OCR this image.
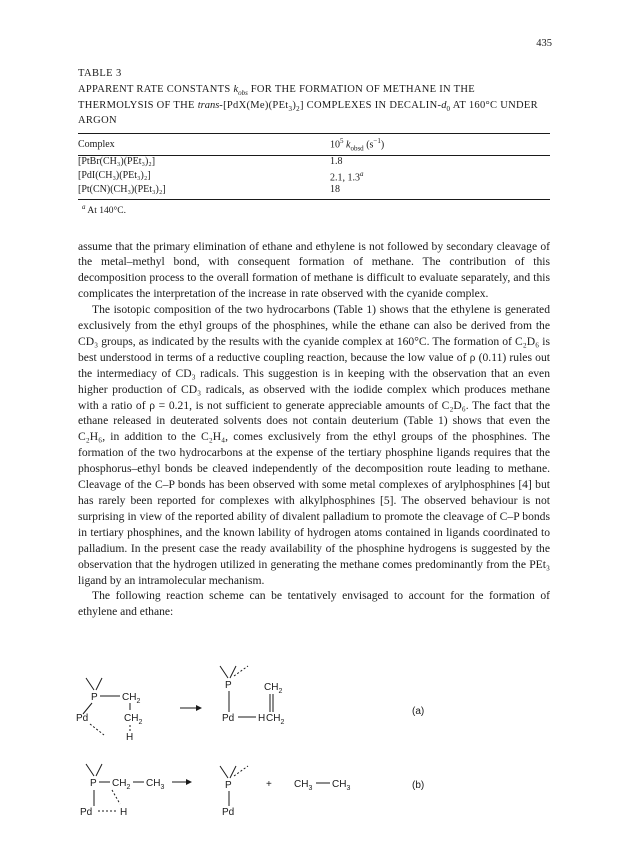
435
TABLE 3
APPARENT RATE CONSTANTS $k_{obs}$ FOR THE FORMATION OF METHANE IN THE THERMOLYSIS OF THE trans-$[PdX(Me)(PEt_3)_2]$ COMPLEXES IN DECALIN-$d_0$ AT 160°C UNDER ARGON
Complex	$10^5$ $k_{obsd}$ $(s^{-1})$
[PtBr(CH₃)(PEt₃)₂]	1.8
[PdI(CH₃)(PEt₃)₂]	2.1, 1.3$^a$
[Pt(CN)(CH₃)(PEt₃)₂]	18
$^a$ At 140°C.

assume that the primary elimination of ethane and ethylene is not followed by secondary cleavage of the metal–methyl bond, with consequent formation of methane. The contribution of this decomposition process to the overall formation of methane is difficult to evaluate separately, and this complicates the interpretation of the increase in rate observed with the cyanide complex.

The isotopic composition of the two hydrocarbons (Table 1) shows that the ethylene is generated exclusively from the ethyl groups of the phosphines, while the ethane can also be derived from the CD₃ groups, as indicated by the results with the cyanide complex at 160°C. The formation of C₂D₆ is best understood in terms of a reductive coupling reaction, because the low value of ρ (0.11) rules out the intermediacy of CD₃ radicals. This suggestion is in keeping with the observation that an even higher production of CD₃ radicals, as observed with the iodide complex which produces methane with a ratio of ρ = 0.21, is not sufficient to generate appreciable amounts of C₂D₆. The fact that the ethane released in deuterated solvents does not contain deuterium (Table 1) shows that even the C₂H₆, in addition to the C₂H₄, comes exclusively from the ethyl groups of the phosphines. The formation of the two hydrocarbons at the expense of the tertiary phosphine ligands requires that the phosphorus–ethyl bonds be cleaved independently of the decomposition route leading to methane. Cleavage of the C–P bonds has been observed with some metal complexes of arylphosphines [4] but has rarely been reported for complexes with alkylphosphines [5]. The observed behaviour is not surprising in view of the reported ability of divalent palladium to promote the cleavage of C–P bonds in tertiary phosphines, and the known lability of hydrogen atoms contained in ligands coordinated to palladium. In the present case the ready availability of the phosphine hydrogens is suggested by the observation that the hydrogen utilized in generating the methane comes predominantly from the PEt₃ ligand by an intramolecular mechanism.

The following reaction scheme can be tentatively envisaged to account for the formation of ethylene and ethane:

P $CH_2$
Pd	$CH_2$
H
P	$CH_2$
Pd H $CH_2$
(a)
P $CH_2$ $CH_3$
Pd	H
P
Pd
+ $CH_3$ $CH_3$	(b)
